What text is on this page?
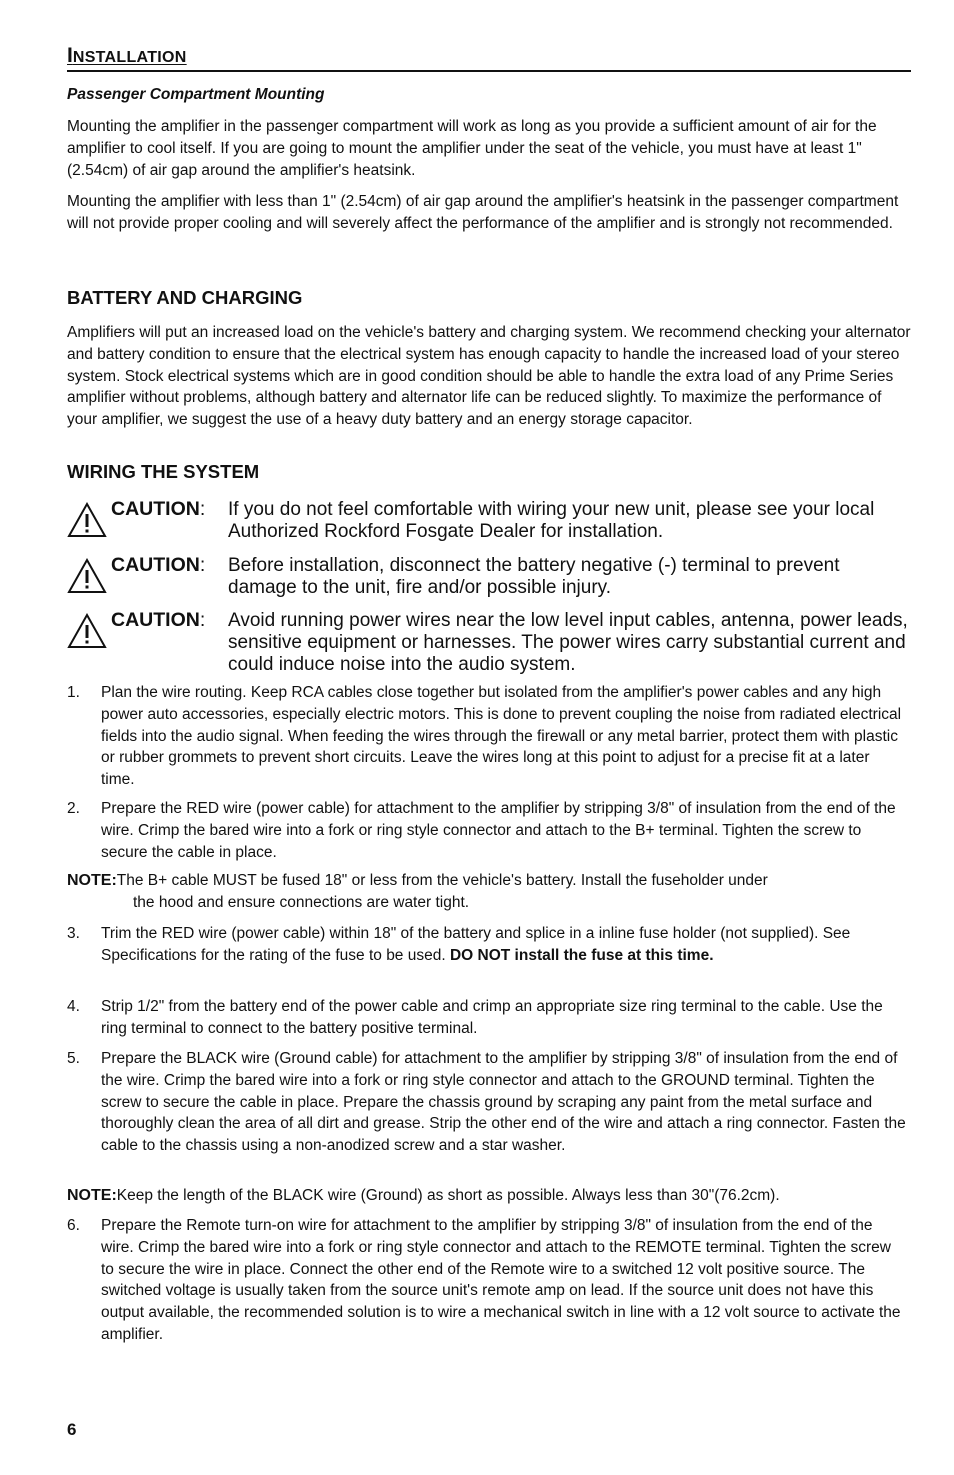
INSTALLATION
Passenger Compartment Mounting

Mounting the amplifier in the passenger compartment will work as long as you provide a sufficient amount of air for the amplifier to cool itself. If you are going to mount the amplifier under the seat of the vehicle, you must have at least 1" (2.54cm) of air gap around the amplifier's heatsink.

Mounting the amplifier with less than 1" (2.54cm) of air gap around the amplifier's heatsink in the passenger compartment will not provide proper cooling and will severely affect the performance of the amplifier and is strongly not recommended.

BATTERY AND CHARGING

Amplifiers will put an increased load on the vehicle's battery and charging system. We recommend checking your alternator and battery condition to ensure that the electrical system has enough capacity to handle the increased load of your stereo system. Stock electrical systems which are in good condition should be able to handle the extra load of any Prime Series amplifier without problems, although battery and alternator life can be reduced slightly. To maximize the performance of your amplifier, we suggest the use of a heavy duty battery and an energy storage capacitor.

WIRING THE SYSTEM
CAUTION: If you do not feel comfortable with wiring your new unit, please see your local Authorized Rockford Fosgate Dealer for installation.

CAUTION: Before installation, disconnect the battery negative (-) terminal to prevent damage to the unit, fire and/or possible injury.

CAUTION: Avoid running power wires near the low level input cables, antenna, power leads, sensitive equipment or harnesses. The power wires carry substantial current and could induce noise into the audio system.

1. Plan the wire routing. Keep RCA cables close together but isolated from the amplifier's power cables and any high power auto accessories, especially electric motors. This is done to prevent coupling the noise from radiated electrical fields into the audio signal. When feeding the wires through the firewall or any metal barrier, protect them with plastic or rubber grommets to prevent short circuits. Leave the wires long at this point to adjust for a precise fit at a later time.

2. Prepare the RED wire (power cable) for attachment to the amplifier by stripping 3/8" of insulation from the end of the wire. Crimp the bared wire into a fork or ring style connector and attach to the B+ terminal. Tighten the screw to secure the cable in place.

NOTE:The B+ cable MUST be fused 18" or less from the vehicle's battery. Install the fuseholder under
the hood and ensure connections are water tight.
3. Trim the RED wire (power cable) within 18" of the battery and splice in a inline fuse holder (not supplied). See Specifications for the rating of the fuse to be used. DO NOT install the fuse at this time.

4. Strip 1/2" from the battery end of the power cable and crimp an appropriate size ring terminal to the cable. Use the ring terminal to connect to the battery positive terminal.

5. Prepare the BLACK wire (Ground cable) for attachment to the amplifier by stripping 3/8" of insulation from the end of the wire. Crimp the bared wire into a fork or ring style connector and attach to the GROUND terminal. Tighten the screw to secure the cable in place. Prepare the chassis ground by scraping any paint from the metal surface and thoroughly clean the area of all dirt and grease. Strip the other end of the wire and attach a ring connector. Fasten the cable to the chassis using a non-anodized screw and a star washer.

NOTE:Keep the length of the BLACK wire (Ground) as short as possible. Always less than 30"(76.2cm).
6. Prepare the Remote turn-on wire for attachment to the amplifier by stripping 3/8" of insulation from the end of the wire. Crimp the bared wire into a fork or ring style connector and attach to the REMOTE terminal. Tighten the screw to secure the wire in place. Connect the other end of the Remote wire to a switched 12 volt positive source. The switched voltage is usually taken from the source unit's remote amp on lead. If the source unit does not have this output available, the recommended solution is to wire a mechanical switch in line with a 12 volt source to activate the amplifier.

6
